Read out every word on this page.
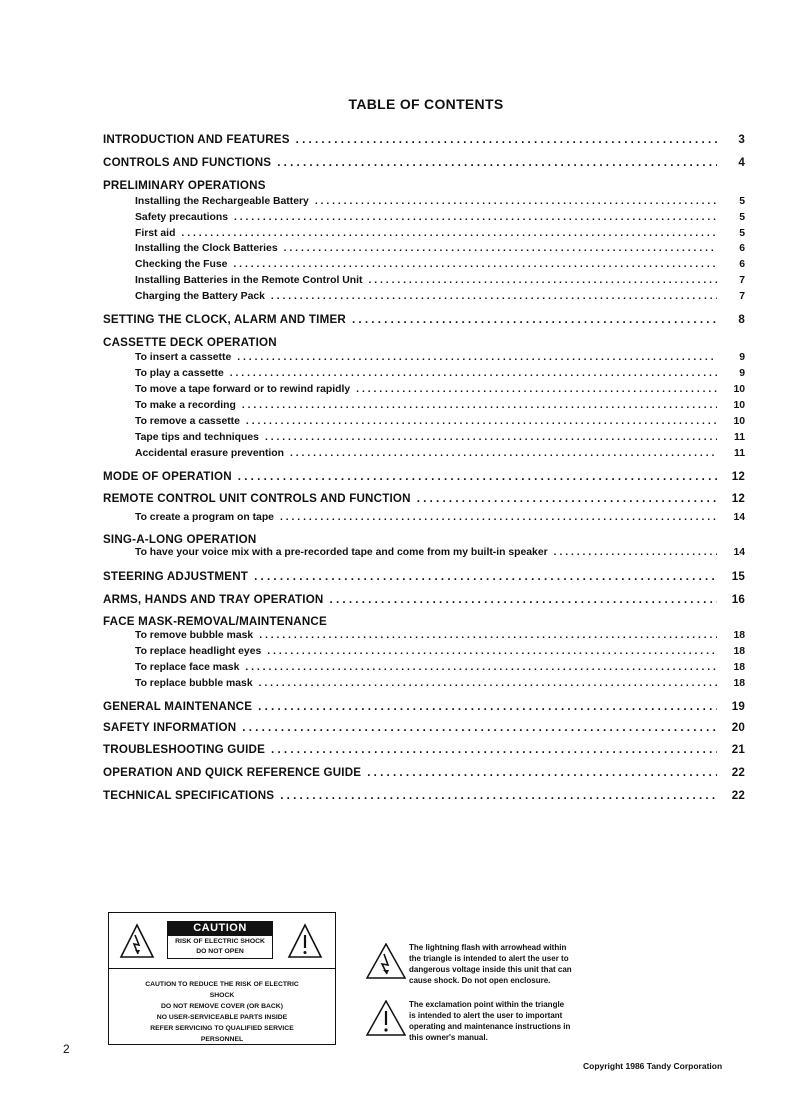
TABLE OF CONTENTS
INTRODUCTION AND FEATURES . . .	3
CONTROLS AND FUNCTIONS . . .	4
PRELIMINARY OPERATIONS
Installing the Rechargeable Battery . . .	5
Safety precautions . . .	5
First aid . . .	5
Installing the Clock Batteries . . .	6
Checking the Fuse . . .	6
Installing Batteries in the Remote Control Unit . . .	7
Charging the Battery Pack . . .	7
SETTING THE CLOCK, ALARM AND TIMER . . .	8
CASSETTE DECK OPERATION
To insert a cassette . . .	9
To play a cassette . . .	9
To move a tape forward or to rewind rapidly . . .	10
To make a recording . . .	10
To remove a cassette . . .	10
Tape tips and techniques . . .	11
Accidental erasure prevention . . .	11
MODE OF OPERATION . . .	12
REMOTE CONTROL UNIT CONTROLS AND FUNCTION . . .	12
To create a program on tape . . .	14
SING-A-LONG OPERATION
To have your voice mix with a pre-recorded tape and come from my built-in speaker . . .	14
STEERING ADJUSTMENT . . .	15
ARMS, HANDS AND TRAY OPERATION . . .	16
FACE MASK-REMOVAL/MAINTENANCE
To remove bubble mask . . .	18
To replace headlight eyes . . .	18
To replace face mask . . .	18
To replace bubble mask . . .	18
GENERAL MAINTENANCE . . .	19
SAFETY INFORMATION . . .	20
TROUBLESHOOTING GUIDE . . .	21
OPERATION AND QUICK REFERENCE GUIDE . . .	22
TECHNICAL SPECIFICATIONS . . .	22
CAUTION
RISK OF ELECTRIC SHOCK
DO NOT OPEN
CAUTION TO REDUCE THE RISK OF ELECTRIC
SHOCK
DO NOT REMOVE COVER (OR BACK)
NO USER-SERVICEABLE PARTS INSIDE
REFER SERVICING TO QUALIFIED SERVICE
PERSONNEL
The lightning flash with arrowhead within
the triangle is intended to alert the user to
dangerous voltage inside this unit that can
cause shock. Do not open enclosure.
The exclamation point within the triangle
is intended to alert the user to important
operating and maintenance instructions in
this owner's manual.
2
Copyright 1986 Tandy Corporation
